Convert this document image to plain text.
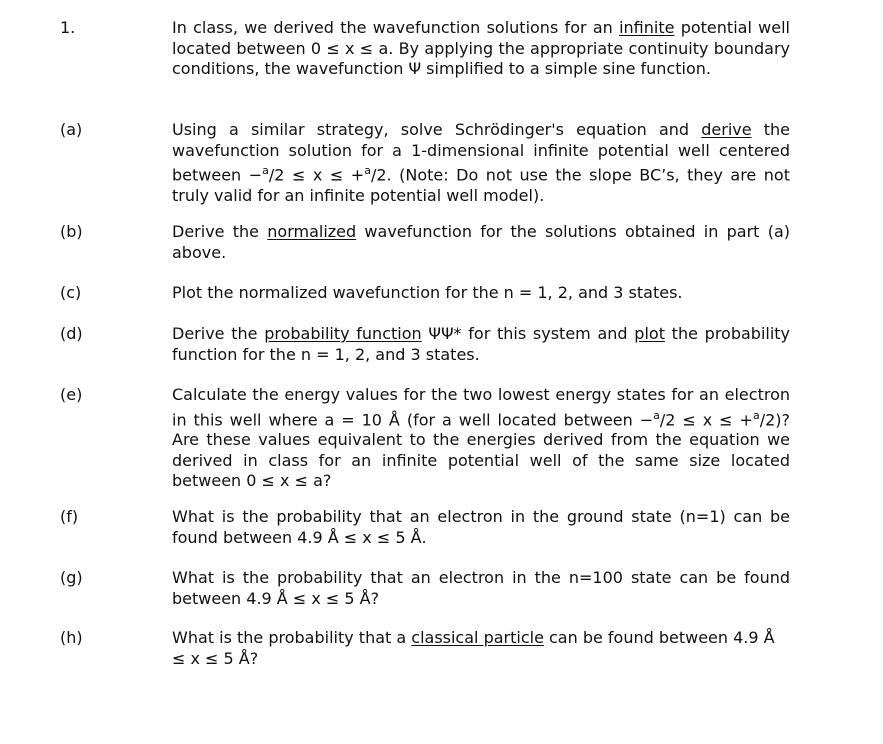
1.	In class, we derived the wavefunction solutions for an infinite potential well located between 0 ≤ x ≤ a. By applying the appropriate continuity boundary conditions, the wavefunction Ψ simplified to a simple sine function.
(a)	Using a similar strategy, solve Schrödinger's equation and derive the wavefunction solution for a 1-dimensional infinite potential well centered between −$^a$/2 ≤ x ≤ +$^a$/2. (Note: Do not use the slope BC’s, they are not truly valid for an infinite potential well model).
(b)	Derive the normalized wavefunction for the solutions obtained in part (a) above.
(c)	Plot the normalized wavefunction for the n = 1, 2, and 3 states.
(d)	Derive the probability function ΨΨ* for this system and plot the probability function for the n = 1, 2, and 3 states.
(e)	Calculate the energy values for the two lowest energy states for an electron in this well where a = 10 Å (for a well located between −$^a$/2 ≤ x ≤ +$^a$/2)? Are these values equivalent to the energies derived from the equation we derived in class for an infinite potential well of the same size located between 0 ≤ x ≤ a?
(f)	What is the probability that an electron in the ground state (n=1) can be found between 4.9 Å ≤ x ≤ 5 Å.
(g)	What is the probability that an electron in the n=100 state can be found between 4.9 Å ≤ x ≤ 5 Å?
(h)	What is the probability that a classical particle can be found between 4.9 Å ≤ x ≤ 5 Å?
